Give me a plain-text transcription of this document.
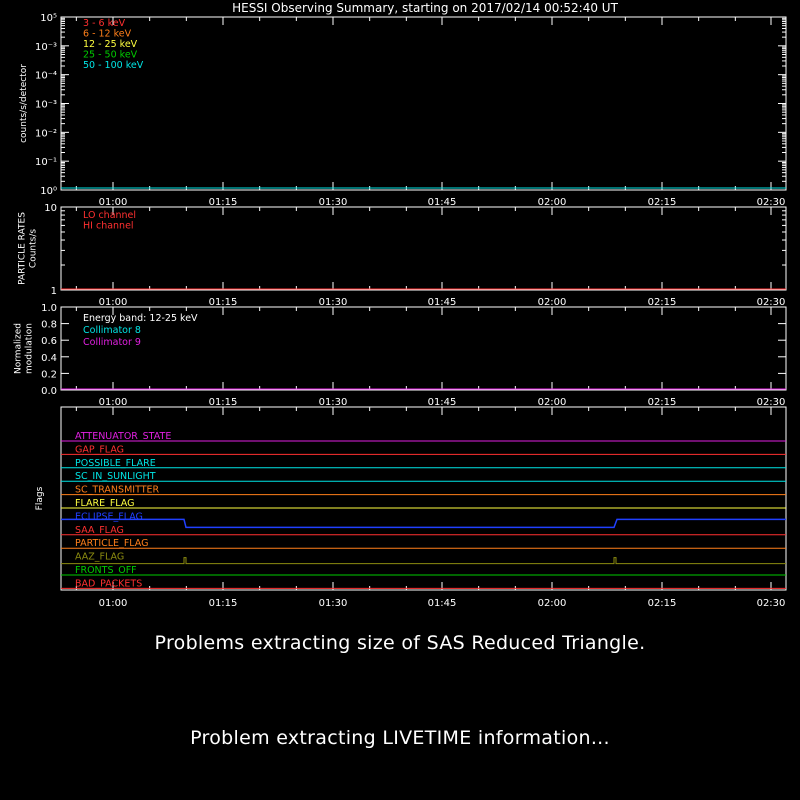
HESSI Observing Summary, starting on 2017/02/14 00:52:40 UT
01:00	01:15	01:30	01:45	02:00	02:15	02:30
10⁵
10⁻³
10⁻⁴
10⁻³
10⁻²
10⁻¹
10⁰
counts/s/detector
3 - 6 keV
6 - 12 keV
12 - 25 keV
25 - 50 keV
50 - 100 keV
01:00	01:15	01:30	01:45	02:00	02:15	02:30
10
1
PARTICLE RATES Counts/s
LO channel
HI channel
01:00	01:15	01:30	01:45	02:00	02:15	02:30
1.0
0.8
0.6
0.4
0.2
0.0
Normalized modulation
Energy band: 12-25 keV
Collimator 8
Collimator 9
01:00	01:15	01:30	01:45	02:00	02:15	02:30
Flags
ATTENUATOR_STATE
GAP_FLAG
POSSIBLE_FLARE
SC_IN_SUNLIGHT
SC_TRANSMITTER
FLARE_FLAG
ECLIPSE_FLAG
SAA_FLAG
PARTICLE_FLAG
AAZ_FLAG
FRONTS_OFF
BAD_PACKETS
Problems extracting size of SAS Reduced Triangle.
Problem extracting LIVETIME information...
